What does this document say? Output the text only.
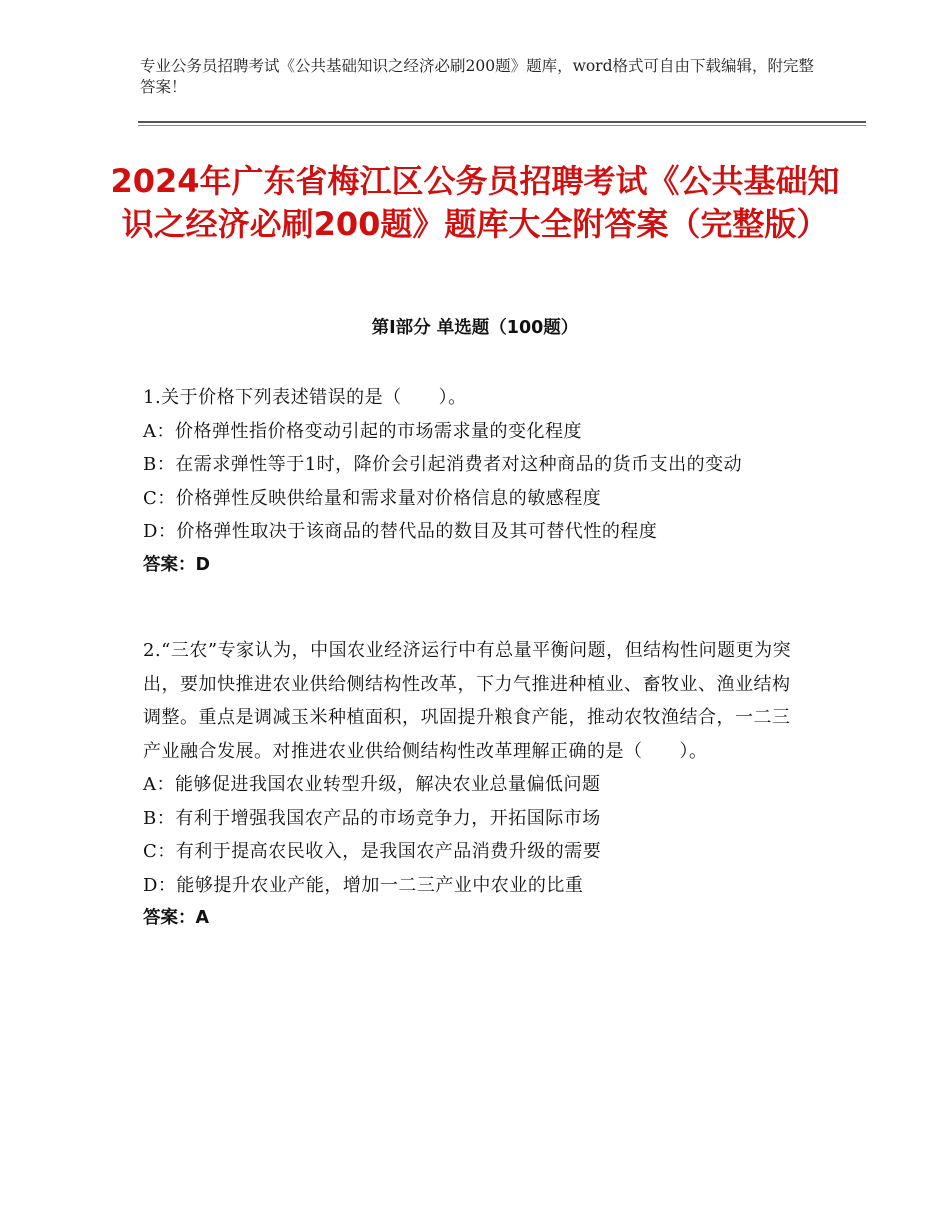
专业公务员招聘考试《公共基础知识之经济必刷200题》题库，word格式可自由下载编辑，附完整答案！
2024年广东省梅江区公务员招聘考试《公共基础知识之经济必刷200题》题库大全附答案（完整版）
第Ⅰ部分 单选题（100题）
1.关于价格下列表述错误的是（　　）。
A：价格弹性指价格变动引起的市场需求量的变化程度
B：在需求弹性等于1时，降价会引起消费者对这种商品的货币支出的变动
C：价格弹性反映供给量和需求量对价格信息的敏感程度
D：价格弹性取决于该商品的替代品的数目及其可替代性的程度
答案：D
2.“三农”专家认为，中国农业经济运行中有总量平衡问题，但结构性问题更为突出，要加快推进农业供给侧结构性改革，下力气推进种植业、畜牧业、渔业结构调整。重点是调减玉米种植面积，巩固提升粮食产能，推动农牧渔结合，一二三产业融合发展。对推进农业供给侧结构性改革理解正确的是（　　）。
A：能够促进我国农业转型升级，解决农业总量偏低问题
B：有利于增强我国农产品的市场竞争力，开拓国际市场
C：有利于提高农民收入，是我国农产品消费升级的需要
D：能够提升农业产能，增加一二三产业中农业的比重
答案：A
